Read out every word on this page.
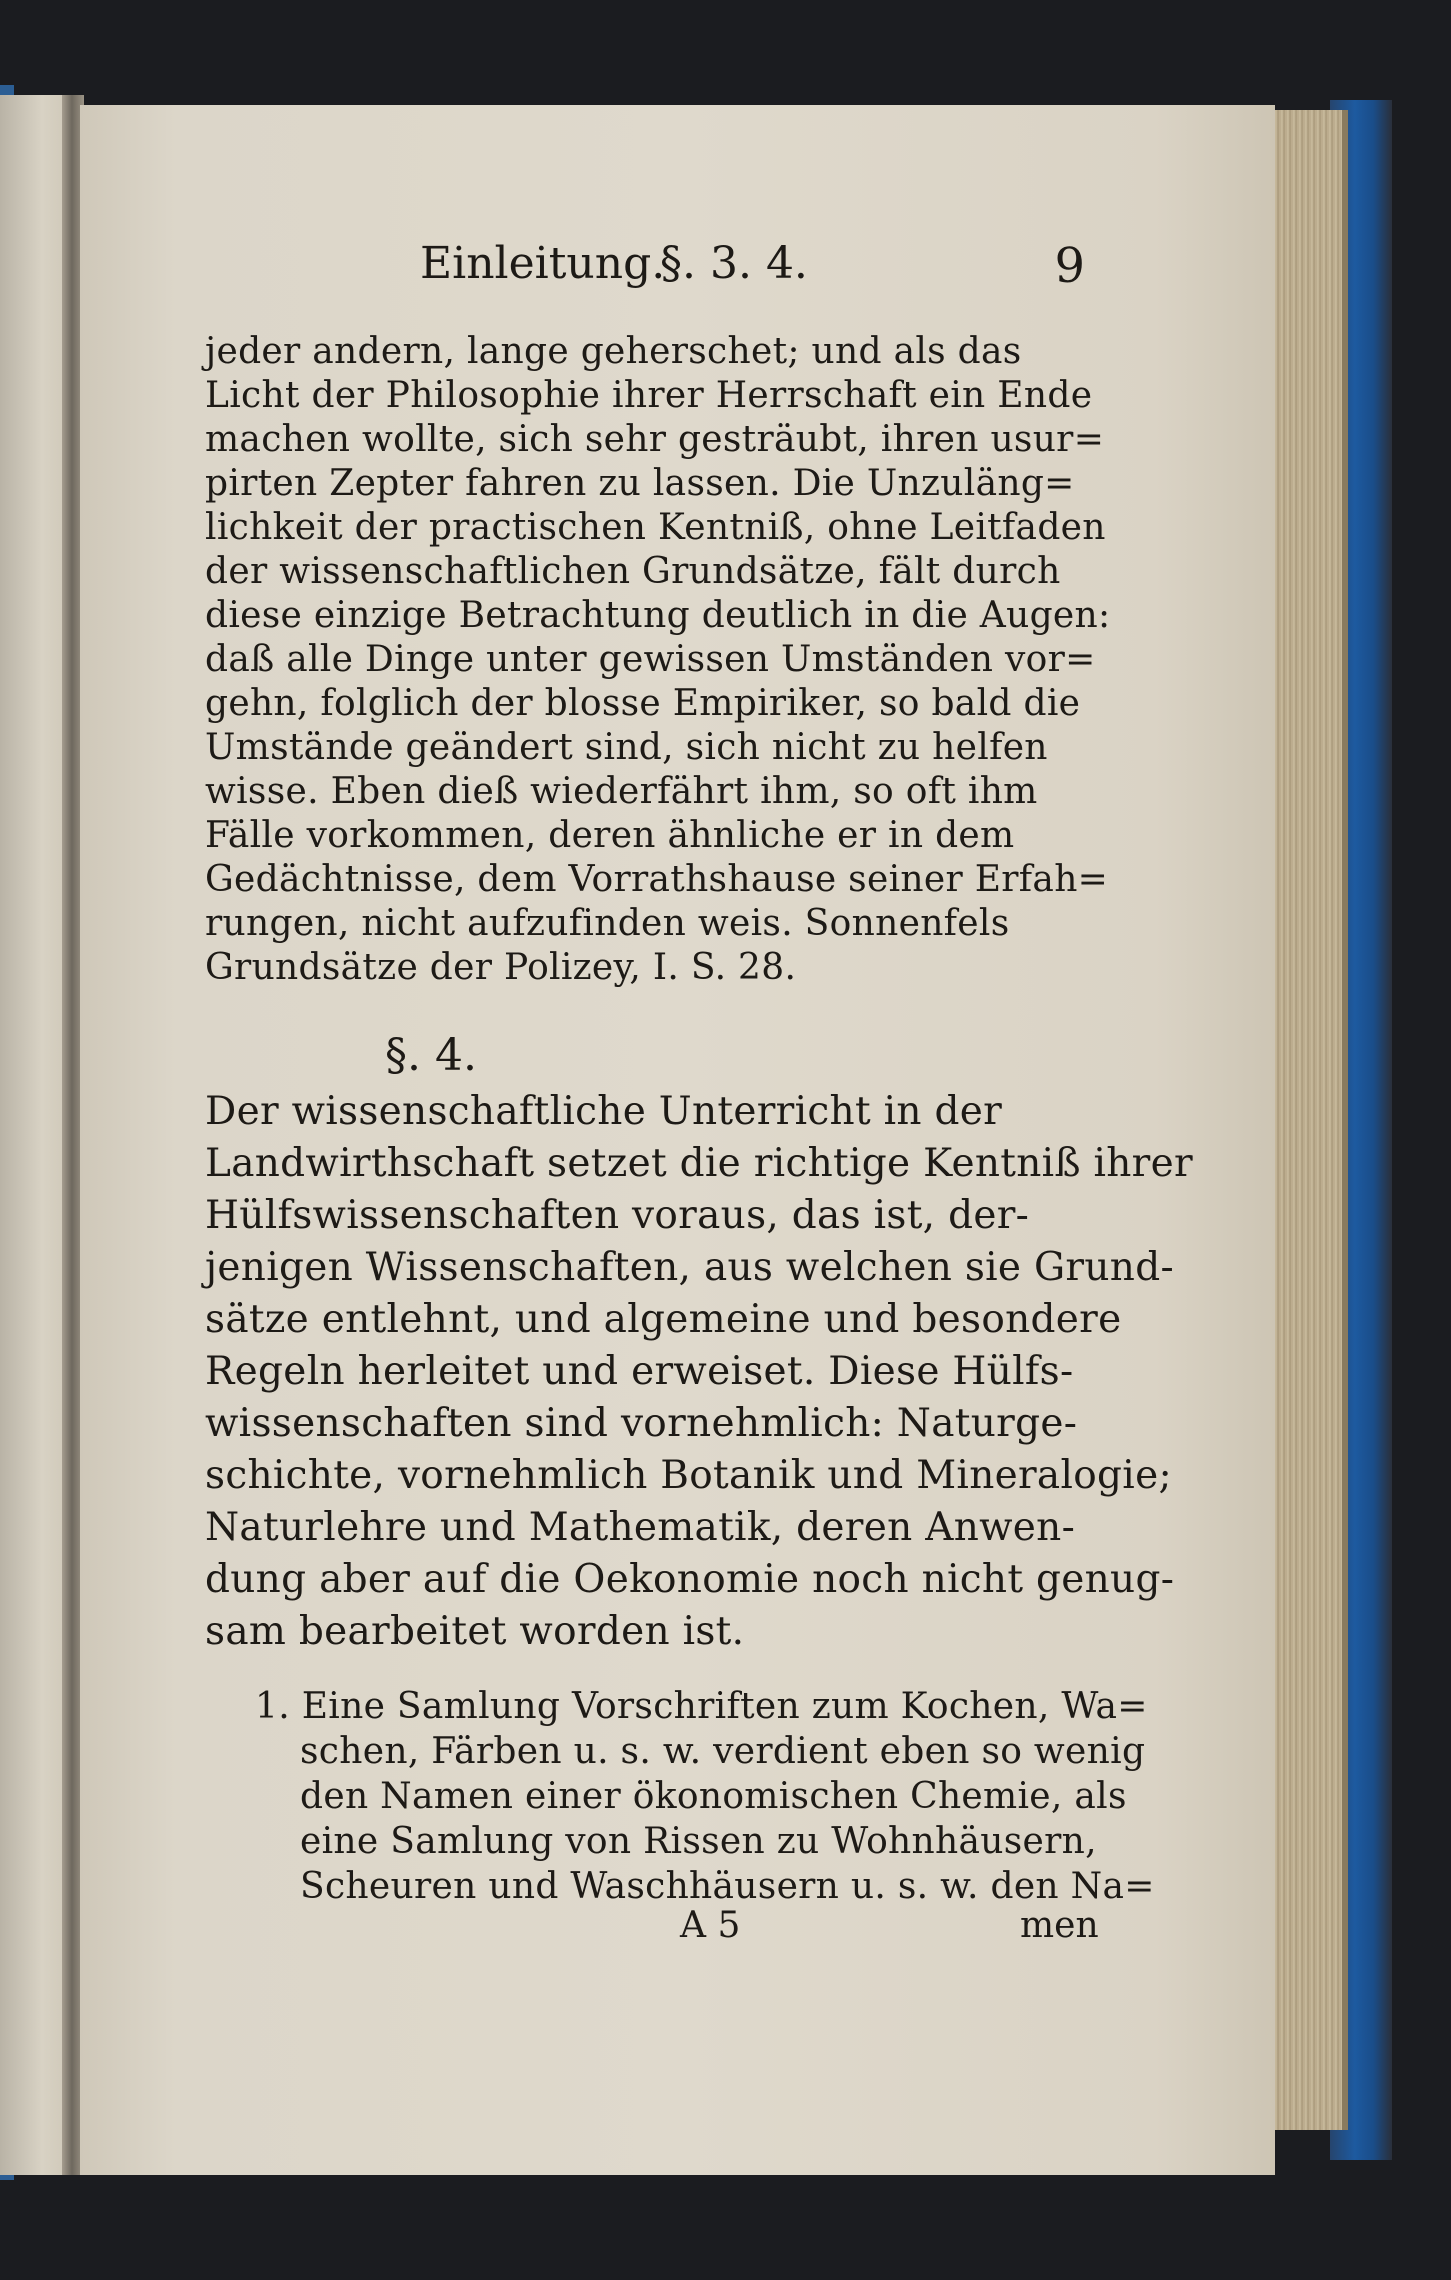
Einleitung.
§. 3. 4.	9
jeder andern, lange geherschet; und als das
Licht der Philosophie ihrer Herrschaft ein Ende
machen wollte, sich sehr gesträubt, ihren usur=
pirten Zepter fahren zu lassen. Die Unzuläng=
lichkeit der practischen Kentniß, ohne Leitfaden
der wissenschaftlichen Grundsätze, fält durch
diese einzige Betrachtung deutlich in die Augen:
daß alle Dinge unter gewissen Umständen vor=
gehn, folglich der blosse Empiriker, so bald die
Umstände geändert sind, sich nicht zu helfen
wisse. Eben dieß wiederfährt ihm, so oft ihm
Fälle vorkommen, deren ähnliche er in dem
Gedächtnisse, dem Vorrathshause seiner Erfah=
rungen, nicht aufzufinden weis. Sonnenfels
Grundsätze der Polizey, I. S. 28.
§. 4.
Der wissenschaftliche Unterricht in der
Landwirthschaft setzet die richtige Kentniß ihrer
Hülfswissenschaften voraus, das ist, der-
jenigen Wissenschaften, aus welchen sie Grund-
sätze entlehnt, und algemeine und besondere
Regeln herleitet und erweiset. Diese Hülfs-
wissenschaften sind vornehmlich: Naturge-
schichte, vornehmlich Botanik und Mineralogie;
Naturlehre und Mathematik, deren Anwen-
dung aber auf die Oekonomie noch nicht genug-
sam bearbeitet worden ist.
1. Eine Samlung Vorschriften zum Kochen, Wa=
schen, Färben u. s. w. verdient eben so wenig
den Namen einer ökonomischen Chemie, als
eine Samlung von Rissen zu Wohnhäusern,
Scheuren und Waschhäusern u. s. w. den Na=
A 5	men
